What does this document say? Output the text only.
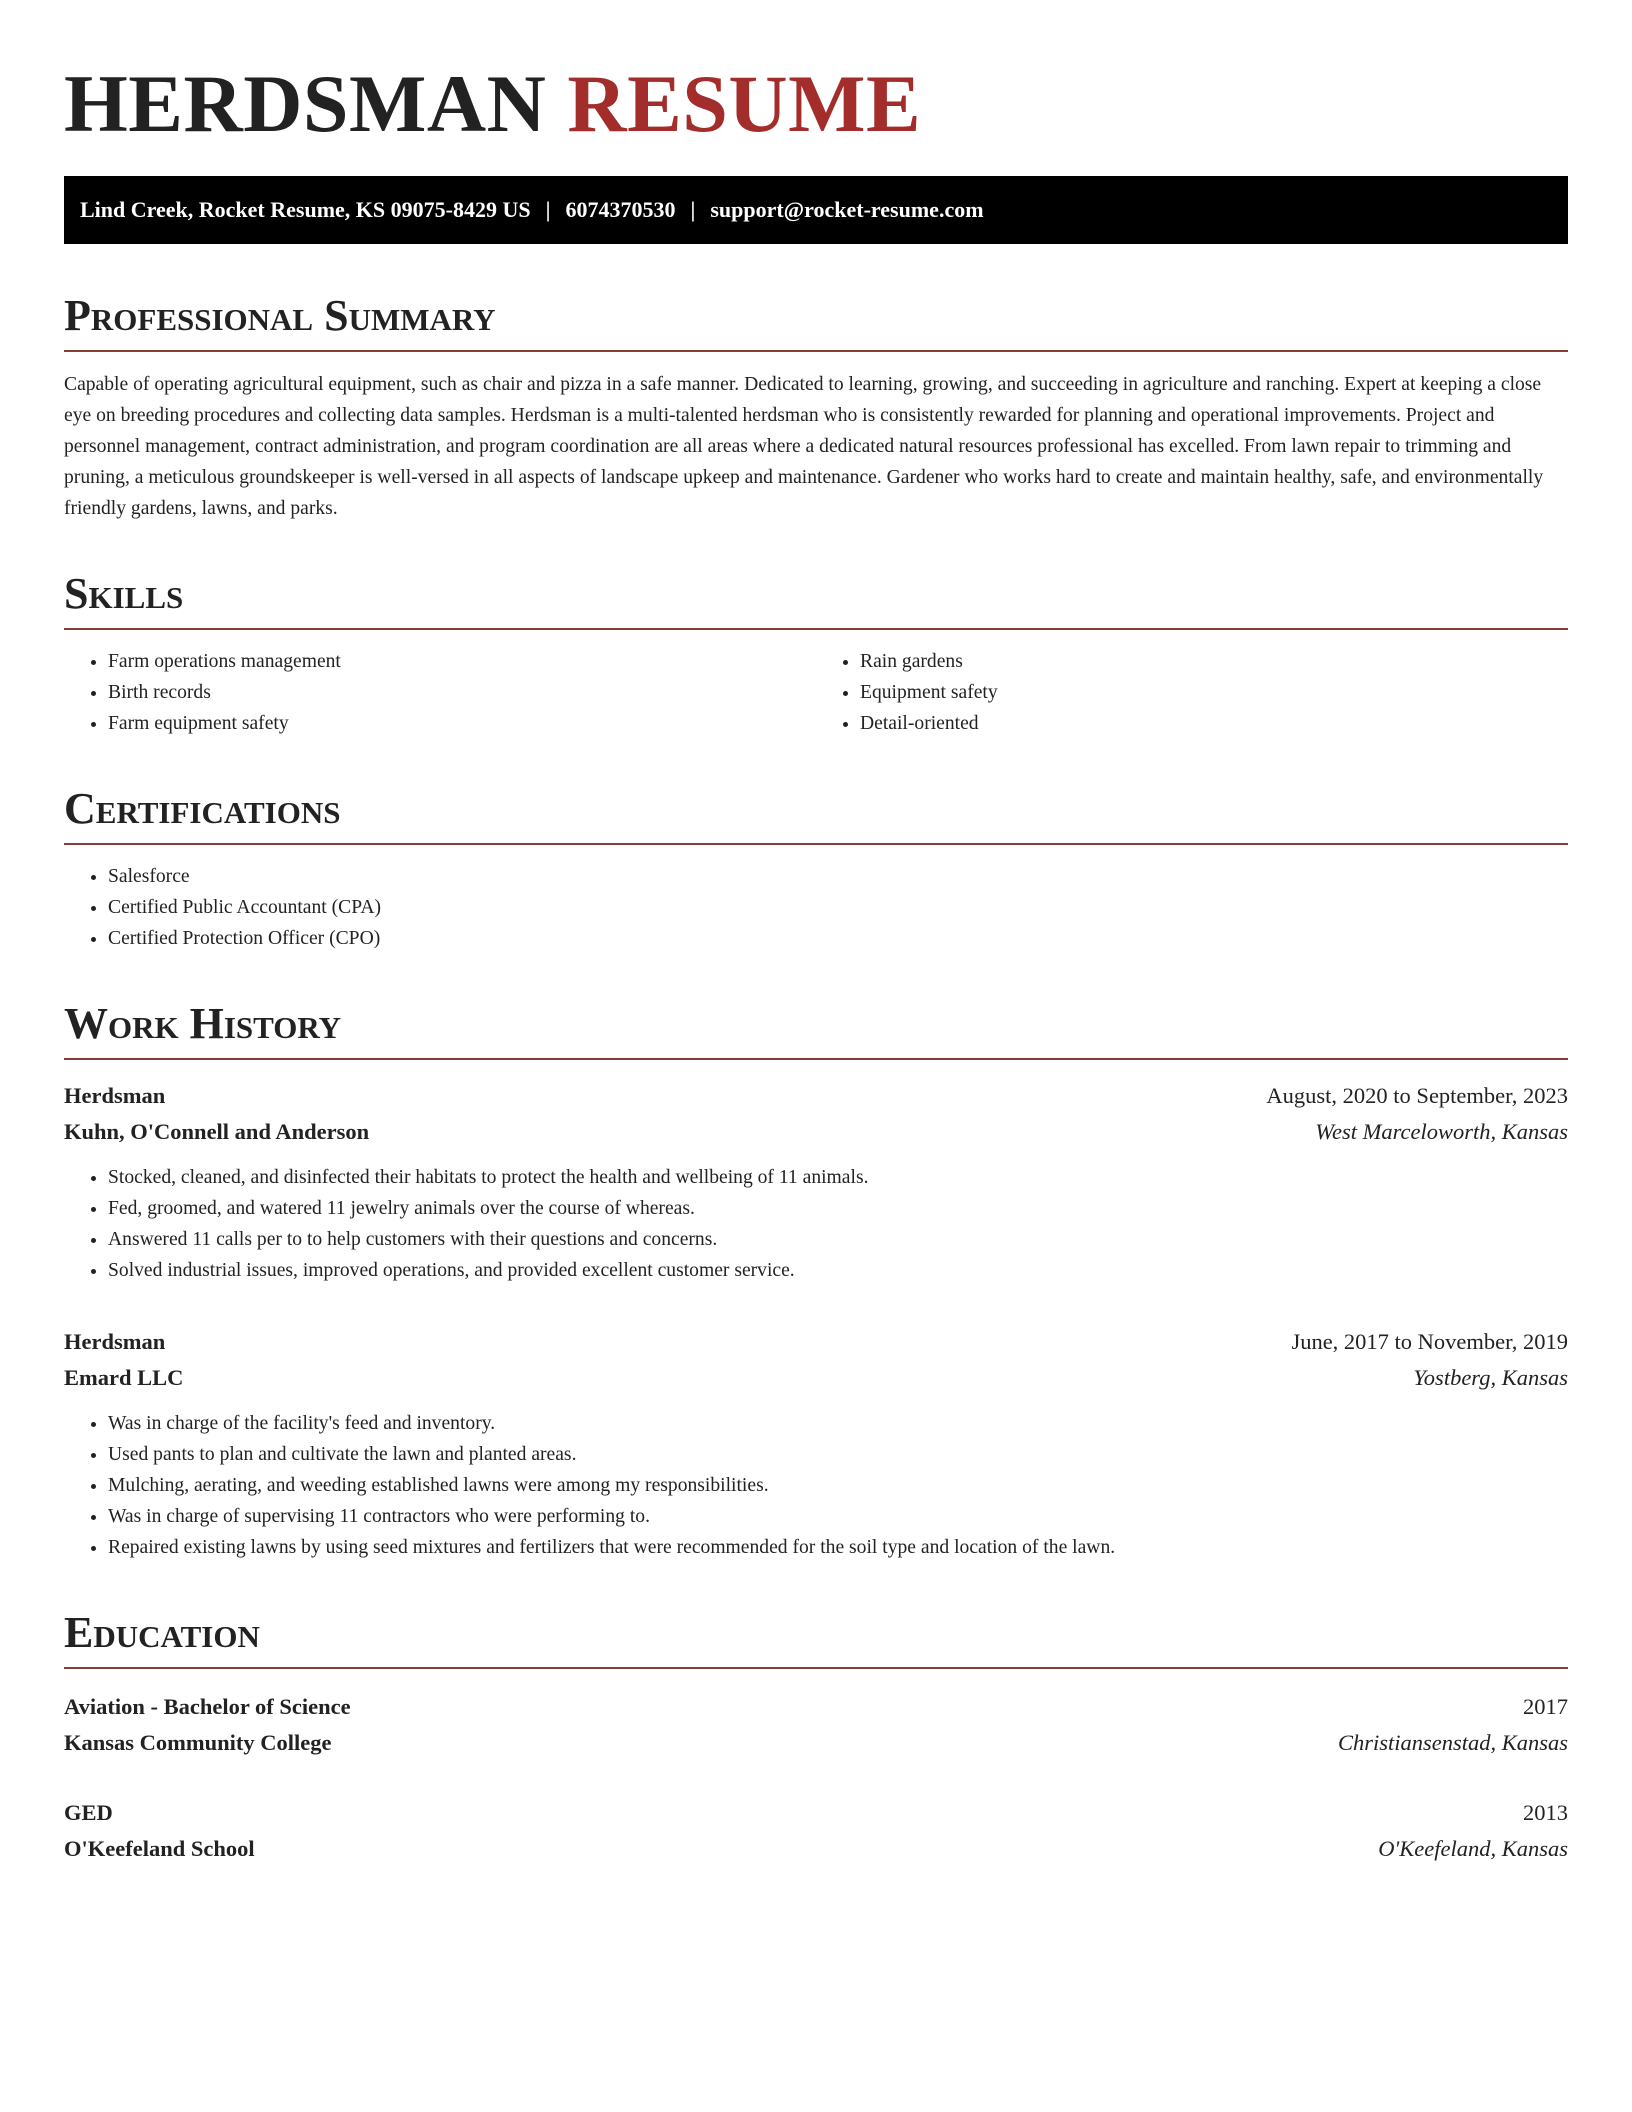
HERDSMAN RESUME
Lind Creek, Rocket Resume, KS 09075-8429 US | 6074370530 | support@rocket-resume.com
Professional Summary

Capable of operating agricultural equipment, such as chair and pizza in a safe manner. Dedicated to learning, growing, and succeeding in agriculture and ranching. Expert at keeping a close eye on breeding procedures and collecting data samples. Herdsman is a multi-talented herdsman who is consistently rewarded for planning and operational improvements. Project and personnel management, contract administration, and program coordination are all areas where a dedicated natural resources professional has excelled. From lawn repair to trimming and pruning, a meticulous groundskeeper is well-versed in all aspects of landscape upkeep and maintenance. Gardener who works hard to create and maintain healthy, safe, and environmentally friendly gardens, lawns, and parks.

Skills
• Farm operations management
• Birth records
• Farm equipment safety
• Rain gardens
• Equipment safety
• Detail-oriented
Certifications
• Salesforce
• Certified Public Accountant (CPA)
• Certified Protection Officer (CPO)
Work History
Herdsman	August, 2020 to September, 2023
Kuhn, O'Connell and Anderson	West Marceloworth, Kansas
• Stocked, cleaned, and disinfected their habitats to protect the health and wellbeing of 11 animals.
• Fed, groomed, and watered 11 jewelry animals over the course of whereas.
• Answered 11 calls per to to help customers with their questions and concerns.
• Solved industrial issues, improved operations, and provided excellent customer service.
Herdsman	June, 2017 to November, 2019
Emard LLC	Yostberg, Kansas
• Was in charge of the facility's feed and inventory.
• Used pants to plan and cultivate the lawn and planted areas.
• Mulching, aerating, and weeding established lawns were among my responsibilities.
• Was in charge of supervising 11 contractors who were performing to.
• Repaired existing lawns by using seed mixtures and fertilizers that were recommended for the soil type and location of the lawn.
Education
Aviation - Bachelor of Science	2017
Kansas Community College	Christiansenstad, Kansas
GED	2013
O'Keefeland School	O'Keefeland, Kansas
